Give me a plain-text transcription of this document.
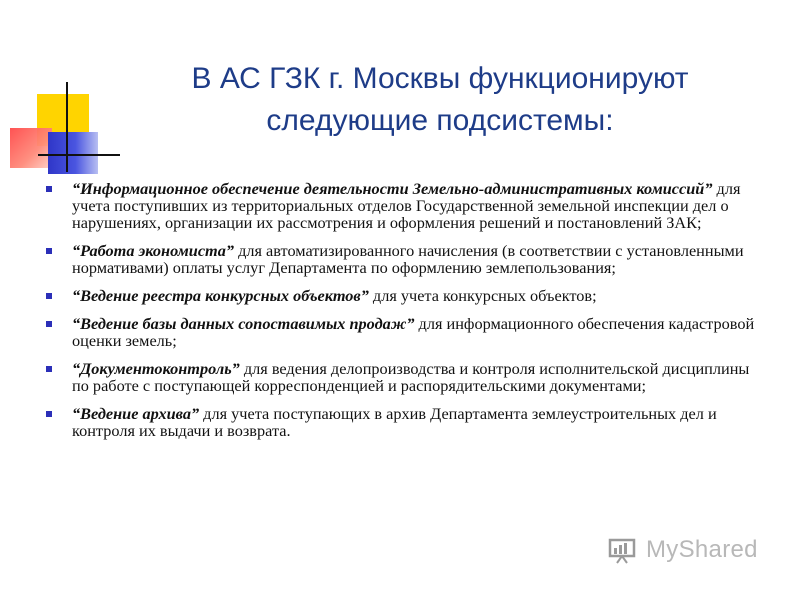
В АС ГЗК г. Москвы функционируют
следующие подсистемы:
“Информационное обеспечение деятельности Земельно-административных комиссий” для учета поступивших из территориальных отделов Государственной земельной инспекции дел о нарушениях, организации их рассмотрения и оформления решений и постановлений ЗАК;
“Работа экономиста” для автоматизированного начисления (в соответствии с установленными нормативами) оплаты услуг Департамента по оформлению землепользования;
“Ведение реестра конкурсных объектов” для учета конкурсных объектов;
“Ведение базы данных сопоставимых продаж” для информационного обеспечения кадастровой оценки земель;
“Документоконтроль” для ведения делопроизводства и контроля исполнительской дисциплины по работе с поступающей корреспонденцией и распорядительскими документами;
“Ведение архива” для учета поступающих в архив Департамента землеустроительных дел и контроля их выдачи и возврата.
MyShared
